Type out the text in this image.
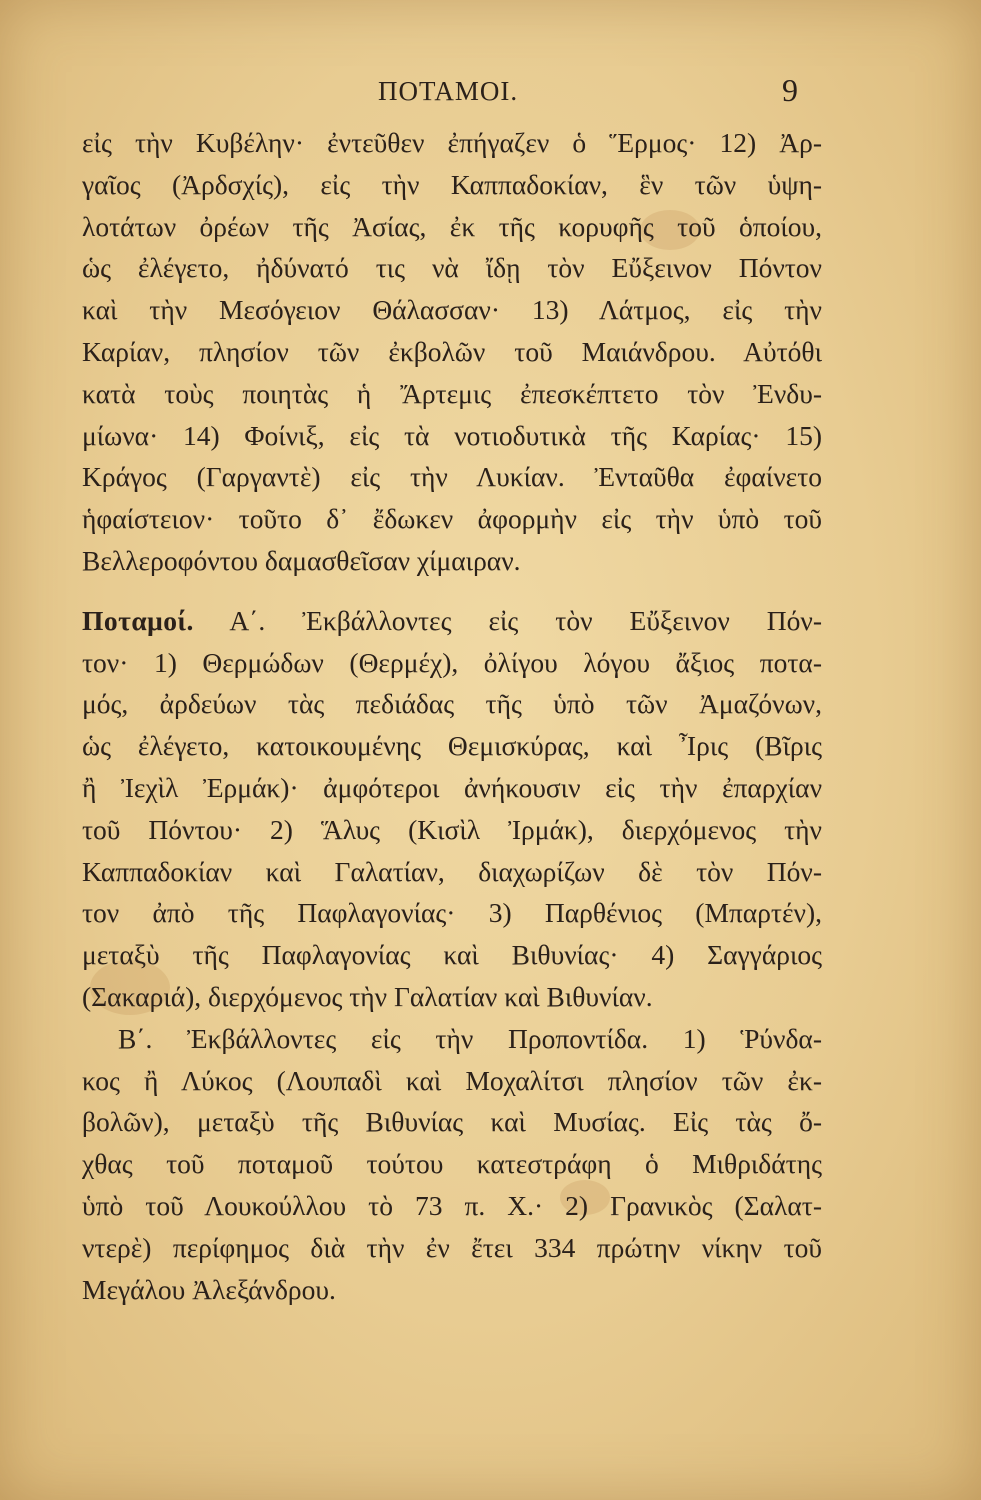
ΠΟΤΑΜΟΙ.	9
εἰς τὴν Κυβέλην· ἐντεῦθεν ἐπήγαζεν ὁ Ἕρμος· 12) Ἀρ-
γαῖος (Ἀρδσχίς), εἰς τὴν Καππαδοκίαν, ἓν τῶν ὑψη-
λοτάτων ὀρέων τῆς Ἀσίας, ἐκ τῆς κορυφῆς τοῦ ὁποίου,
ὡς ἐλέγετο, ἠδύνατό τις νὰ ἴδῃ τὸν Εὔξεινον Πόντον
καὶ τὴν Μεσόγειον Θάλασσαν· 13) Λάτμος, εἰς τὴν
Καρίαν, πλησίον τῶν ἐκβολῶν τοῦ Μαιάνδρου. Αὐτόθι
κατὰ τοὺς ποιητὰς ἡ Ἄρτεμις ἐπεσκέπτετο τὸν Ἐνδυ-
μίωνα· 14) Φοίνιξ, εἰς τὰ νοτιοδυτικὰ τῆς Καρίας· 15)
Κράγος (Γαργαντὲ) εἰς τὴν Λυκίαν. Ἐνταῦθα ἐφαίνετο
ἡφαίστειον· τοῦτο δ᾿ ἔδωκεν ἀφορμὴν εἰς τὴν ὑπὸ τοῦ
Βελλεροφόντου δαμασθεῖσαν χίμαιραν.
Ποταμοί. Α΄. Ἐκβάλλοντες εἰς τὸν Εὔξεινον Πόν-
τον· 1) Θερμώδων (Θερμέχ), ὀλίγου λόγου ἄξιος ποτα-
μός, ἀρδεύων τὰς πεδιάδας τῆς ὑπὸ τῶν Ἀμαζόνων,
ὡς ἐλέγετο, κατοικουμένης Θεμισκύρας, καὶ Ἶρις (Βῖρις
ἢ Ἰεχὶλ Ἐρμάκ)· ἀμφότεροι ἀνήκουσιν εἰς τὴν ἐπαρχίαν
τοῦ Πόντου· 2) Ἅλυς (Κισὶλ Ἰρμάκ), διερχόμενος τὴν
Καππαδοκίαν καὶ Γαλατίαν, διαχωρίζων δὲ τὸν Πόν-
τον ἀπὸ τῆς Παφλαγονίας· 3) Παρθένιος (Μπαρτέν),
μεταξὺ τῆς Παφλαγονίας καὶ Βιθυνίας· 4) Σαγγάριος
(Σακαριά), διερχόμενος τὴν Γαλατίαν καὶ Βιθυνίαν.
Β΄. Ἐκβάλλοντες εἰς τὴν Προποντίδα. 1) Ῥύνδα-
κος ἢ Λύκος (Λουπαδὶ καὶ Μοχαλίτσι πλησίον τῶν ἐκ-
βολῶν), μεταξὺ τῆς Βιθυνίας καὶ Μυσίας. Εἰς τὰς ὄ-
χθας τοῦ ποταμοῦ τούτου κατεστράφη ὁ Μιθριδάτης
ὑπὸ τοῦ Λουκούλλου τὸ 73 π. Χ.· 2) Γρανικὸς (Σαλατ-
ντερὲ) περίφημος διὰ τὴν ἐν ἔτει 334 πρώτην νίκην τοῦ
Μεγάλου Ἀλεξάνδρου.
